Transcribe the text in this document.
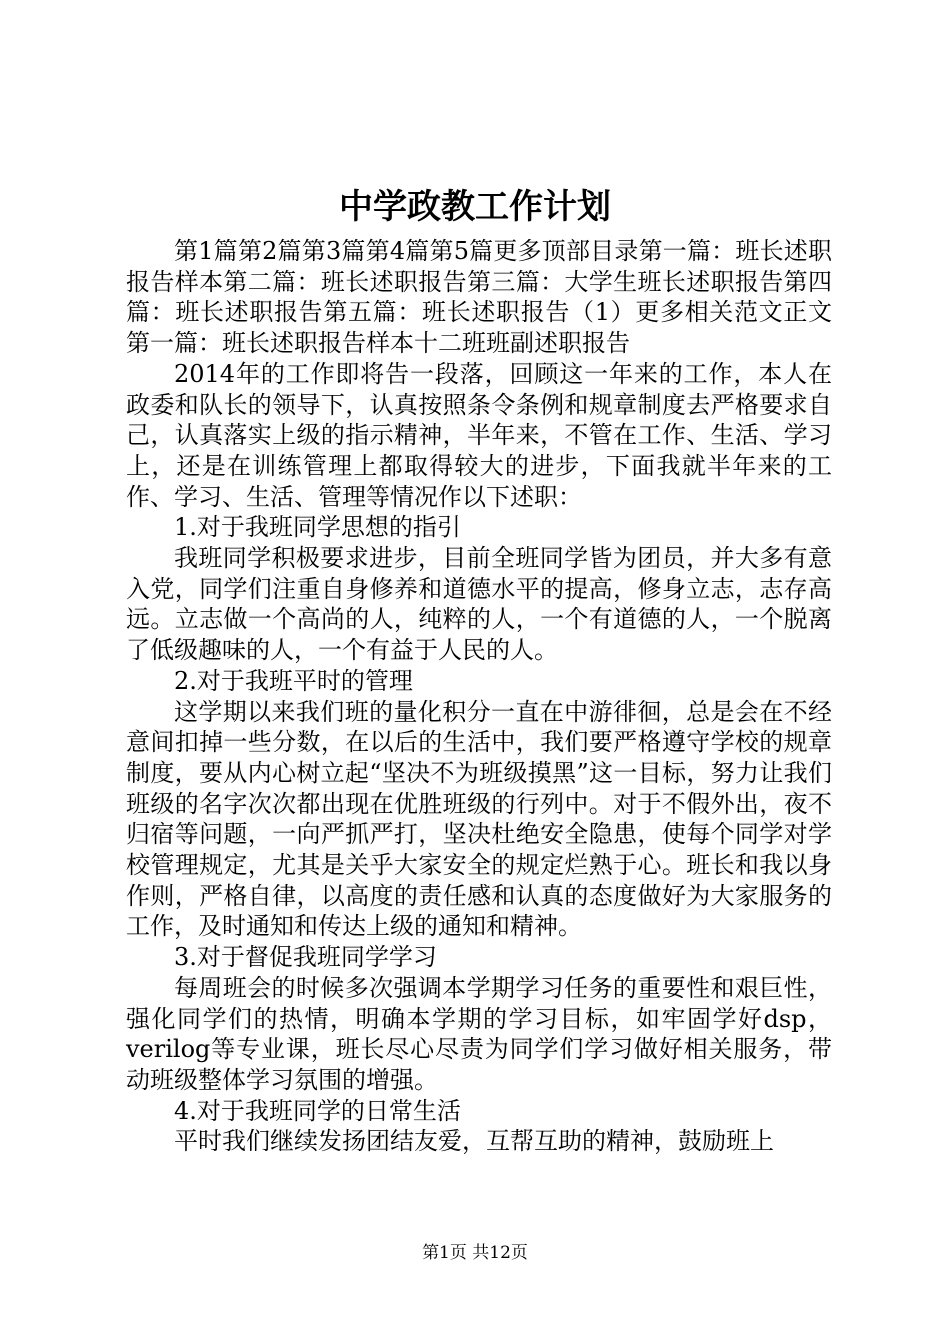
中学政教工作计划

第1篇第2篇第3篇第4篇第5篇更多顶部目录第一篇：班长述职报告样本第二篇：班长述职报告第三篇：大学生班长述职报告第四篇：班长述职报告第五篇：班长述职报告（1）更多相关范文正文第一篇：班长述职报告样本十二班班副述职报告

2014年的工作即将告一段落，回顾这一年来的工作，本人在政委和队长的领导下，认真按照条令条例和规章制度去严格要求自己，认真落实上级的指示精神，半年来，不管在工作、生活、学习上，还是在训练管理上都取得较大的进步，下面我就半年来的工作、学习、生活、管理等情况作以下述职：

1.对于我班同学思想的指引

我班同学积极要求进步，目前全班同学皆为团员，并大多有意入党，同学们注重自身修养和道德水平的提高，修身立志，志存高远。立志做一个高尚的人，纯粹的人，一个有道德的人，一个脱离了低级趣味的人，一个有益于人民的人。

2.对于我班平时的管理

这学期以来我们班的量化积分一直在中游徘徊，总是会在不经意间扣掉一些分数，在以后的生活中，我们要严格遵守学校的规章制度，要从内心树立起“坚决不为班级摸黑”这一目标，努力让我们班级的名字次次都出现在优胜班级的行列中。对于不假外出，夜不归宿等问题，一向严抓严打，坚决杜绝安全隐患，使每个同学对学校管理规定，尤其是关乎大家安全的规定烂熟于心。班长和我以身作则，严格自律，以高度的责任感和认真的态度做好为大家服务的工作，及时通知和传达上级的通知和精神。

3.对于督促我班同学学习

每周班会的时候多次强调本学期学习任务的重要性和艰巨性，强化同学们的热情，明确本学期的学习目标，如牢固学好dsp，verilog等专业课，班长尽心尽责为同学们学习做好相关服务，带动班级整体学习氛围的增强。

4.对于我班同学的日常生活

平时我们继续发扬团结友爱，互帮互助的精神，鼓励班上

第1页 共12页
